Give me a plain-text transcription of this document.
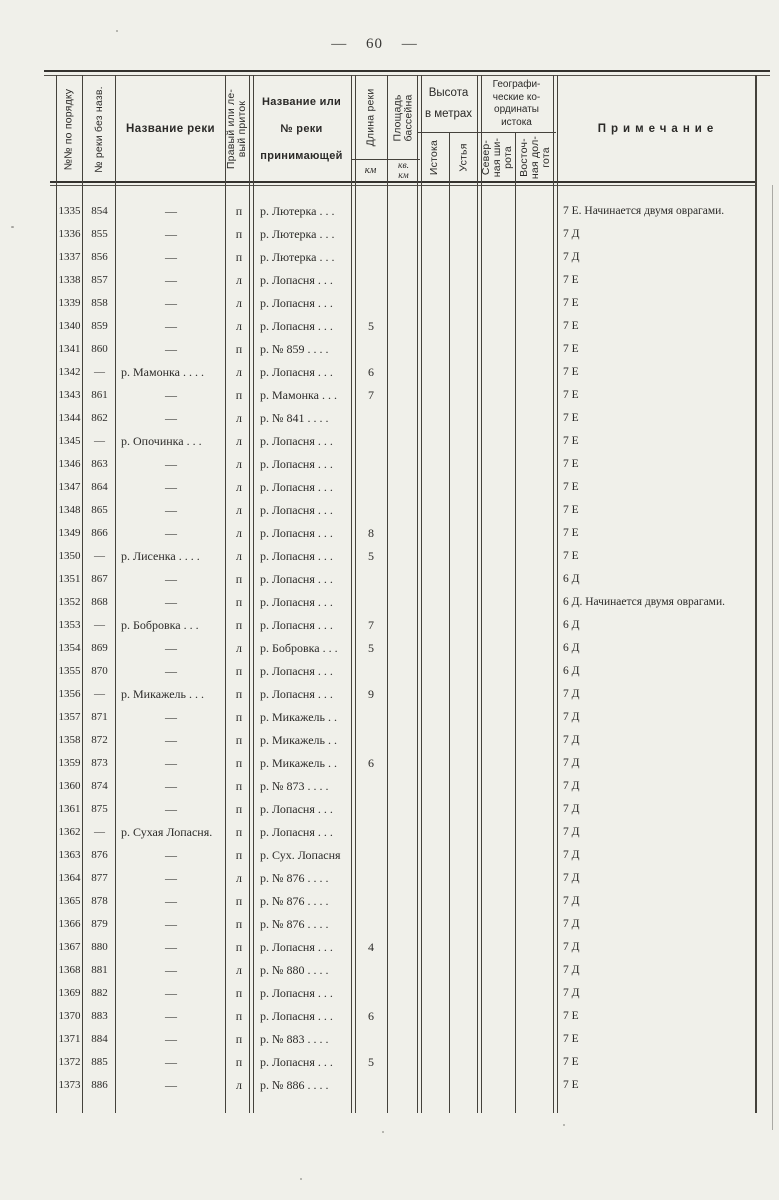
— 60 —
№№ по порядку № реки без назв. Название реки Правый или ле- вый приток Название или
№ реки
принимающей
Длина реки Площадь бассейна
км кв.
км
Высота
в метрах
Истока Устья
Географи-
ческие ко-
ординаты
истока
Север- ная ши- рота Восточ- ная дол- гота
Примечание
1335 854	—	п	р. Лютерка . . .	7 Е. Начинается двумя оврагами.
1336 855	—	п	р. Лютерка . . .	7 Д
1337 856	—	п	р. Лютерка . . .	7 Д
1338 857	—	л	р. Лопасня . . .	7 Е
1339 858	—	л	р. Лопасня . . .	7 Е
1340 859	—	л	р. Лопасня . . .	5	7 Е
1341 860	—	п	р. № 859 . . . .	7 Е
1342	—	р. Мамонка . . . .	л	р. Лопасня . . .	6	7 Е
1343 861	—	п	р. Мамонка . . .	7	7 Е
1344 862	—	л	р. № 841 . . . .	7 Е
1345	—	р. Опочинка . . .	л	р. Лопасня . . .	7 Е
1346 863	—	л	р. Лопасня . . .	7 Е
1347 864	—	л	р. Лопасня . . .	7 Е
1348 865	—	л	р. Лопасня . . .	7 Е
1349 866	—	л	р. Лопасня . . .	8	7 Е
1350	—	р. Лисенка . . . .	л	р. Лопасня . . .	5	7 Е
1351 867	—	п	р. Лопасня . . .	6 Д
1352 868	—	п	р. Лопасня . . .	6 Д. Начинается двумя оврагами.
1353	—	р. Бобровка . . .	п	р. Лопасня . . .	7	6 Д
1354 869	—	л	р. Бобровка . . .	5	6 Д
1355 870	—	п	р. Лопасня . . .	6 Д
1356	—	р. Микажель . . .	п	р. Лопасня . . .	9	7 Д
1357 871	—	п	р. Микажель . .	7 Д
1358 872	—	п	р. Микажель . .	7 Д
1359 873	—	п	р. Микажель . .	6	7 Д
1360 874	—	п	р. № 873 . . . .	7 Д
1361 875	—	п	р. Лопасня . . .	7 Д
1362	—	р. Сухая Лопасня.	п	р. Лопасня . . .	7 Д
1363 876	—	п	р. Сух. Лопасня	7 Д
1364 877	—	л	р. № 876 . . . .	7 Д
1365 878	—	п	р. № 876 . . . .	7 Д
1366 879	—	п	р. № 876 . . . .	7 Д
1367 880	—	п	р. Лопасня . . .	4	7 Д
1368 881	—	л	р. № 880 . . . .	7 Д
1369 882	—	п	р. Лопасня . . .	7 Д
1370 883	—	п	р. Лопасня . . .	6	7 Е
1371 884	—	п	р. № 883 . . . .	7 Е
1372 885	—	п	р. Лопасня . . .	5	7 Е
1373 886	—	л	р. № 886 . . . .	7 Е
